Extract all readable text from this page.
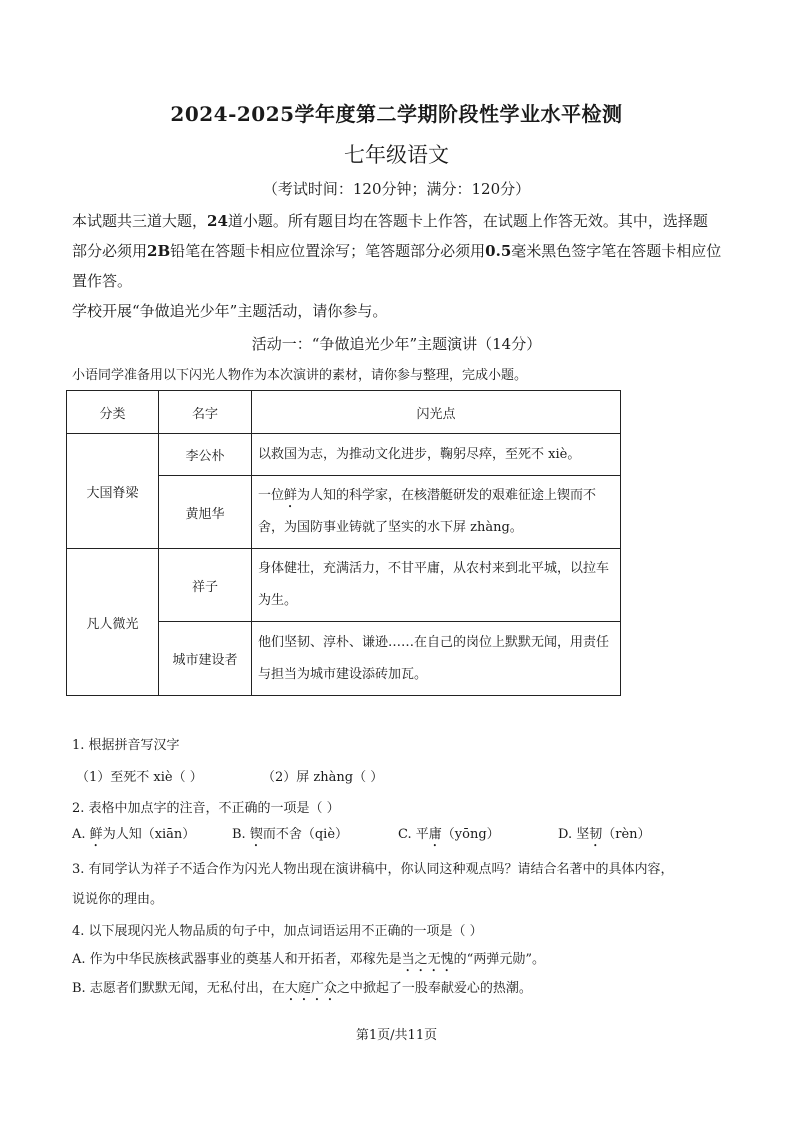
2024-2025学年度第二学期阶段性学业水平检测
七年级语文
（考试时间：120分钟；满分：120分）
本试题共三道大题，24道小题。所有题目均在答题卡上作答，在试题上作答无效。其中，选择题部分必须用2B铅笔在答题卡相应位置涂写；笔答题部分必须用0.5毫米黑色签字笔在答题卡相应位置作答。
学校开展“争做追光少年”主题活动，请你参与。
活动一：“争做追光少年”主题演讲（14分）
小语同学准备用以下闪光人物作为本次演讲的素材，请你参与整理，完成小题。
分类	名字	闪光点
大国脊梁	李公朴	以救国为志，为推动文化进步，鞠躬尽瘁，至死不 xiè。
	黄旭华	一位鲜为人知的科学家，在核潜艇研发的艰难征途上锲而不舍，为国防事业铸就了坚实的水下屏 zhàng。
凡人微光	祥子	身体健壮，充满活力，不甘平庸，从农村来到北平城，以拉车为生。
	城市建设者	他们坚韧、淳朴、谦逊……在自己的岗位上默默无闻，用责任与担当为城市建设添砖加瓦。
1. 根据拼音写汉字
（1）至死不 xiè（ ）	（2）屏 zhàng（ ）
2. 表格中加点字的注音，不正确的一项是（ ）
A. 鲜为人知（xiān）	B. 锲而不舍（qiè）	C. 平庸（yōng）	D. 坚韧（rèn）
3. 有同学认为祥子不适合作为闪光人物出现在演讲稿中，你认同这种观点吗？请结合名著中的具体内容，
说说你的理由。
4. 以下展现闪光人物品质的句子中，加点词语运用不正确的一项是（ ）
A. 作为中华民族核武器事业的奠基人和开拓者，邓稼先是当之无愧的“两弹元勋”。
B. 志愿者们默默无闻，无私付出，在大庭广众之中掀起了一股奉献爱心的热潮。
第1页/共11页
